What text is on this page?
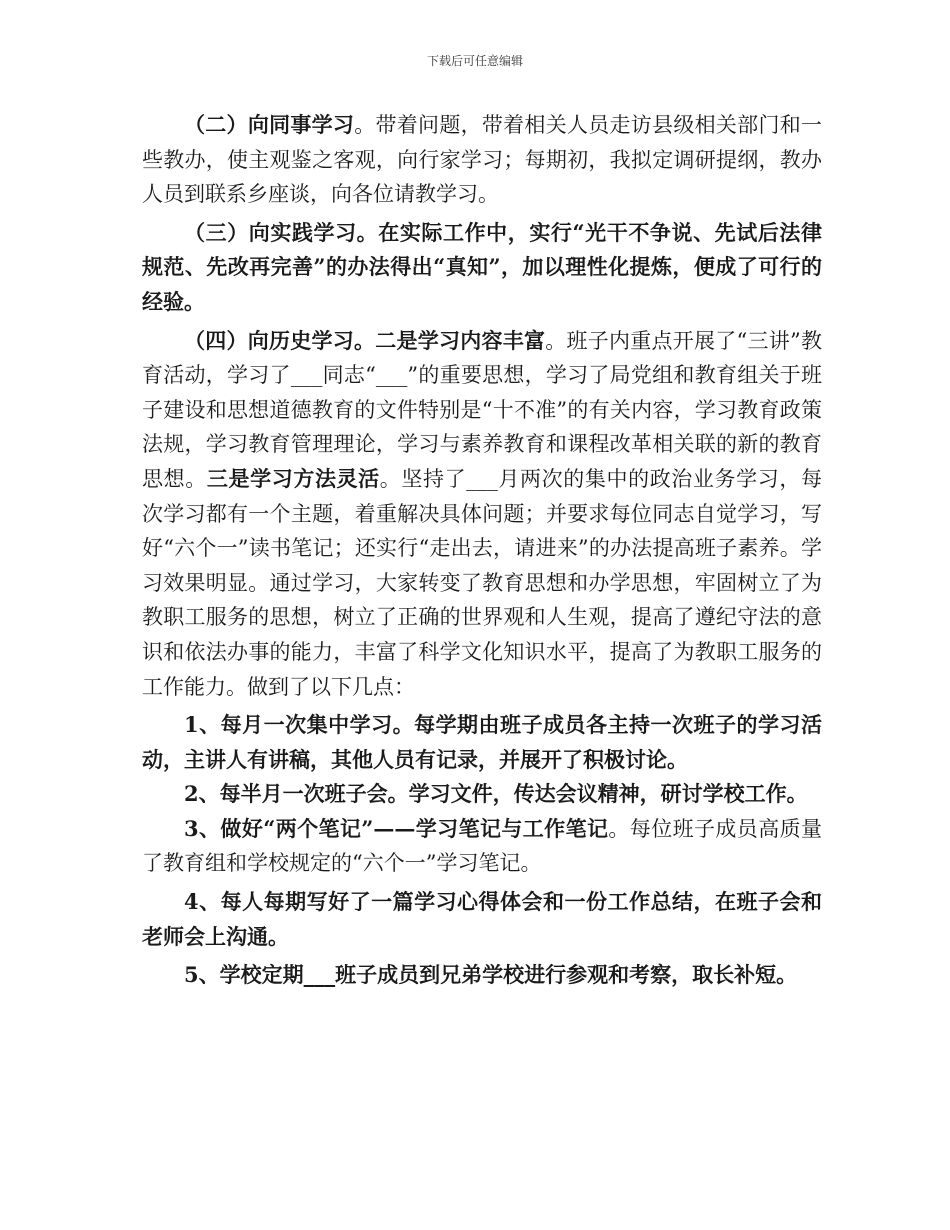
下载后可任意编辑

（二）向同事学习。带着问题，带着相关人员走访县级相关部门和一些教办，使主观鉴之客观，向行家学习；每期初，我拟定调研提纲，教办人员到联系乡座谈，向各位请教学习。

（三）向实践学习。在实际工作中，实行“光干不争说、先试后法律规范、先改再完善”的办法得出“真知”，加以理性化提炼，便成了可行的经验。

（四）向历史学习。二是学习内容丰富。班子内重点开展了“三讲”教育活动，学习了___同志“___”的重要思想，学习了局党组和教育组关于班子建设和思想道德教育的文件特别是“十不准”的有关内容，学习教育政策法规，学习教育管理理论，学习与素养教育和课程改革相关联的新的教育思想。三是学习方法灵活。坚持了___月两次的集中的政治业务学习，每次学习都有一个主题，着重解决具体问题；并要求每位同志自觉学习，写好“六个一”读书笔记；还实行“走出去，请进来”的办法提高班子素养。学习效果明显。通过学习，大家转变了教育思想和办学思想，牢固树立了为教职工服务的思想，树立了正确的世界观和人生观，提高了遵纪守法的意识和依法办事的能力，丰富了科学文化知识水平，提高了为教职工服务的工作能力。做到了以下几点：

1、每月一次集中学习。每学期由班子成员各主持一次班子的学习活动，主讲人有讲稿，其他人员有记录，并展开了积极讨论。

2、每半月一次班子会。学习文件，传达会议精神，研讨学校工作。

3、做好“两个笔记”——学习笔记与工作笔记。每位班子成员高质量了教育组和学校规定的“六个一”学习笔记。

4、每人每期写好了一篇学习心得体会和一份工作总结，在班子会和老师会上沟通。

5、学校定期___班子成员到兄弟学校进行参观和考察，取长补短。
